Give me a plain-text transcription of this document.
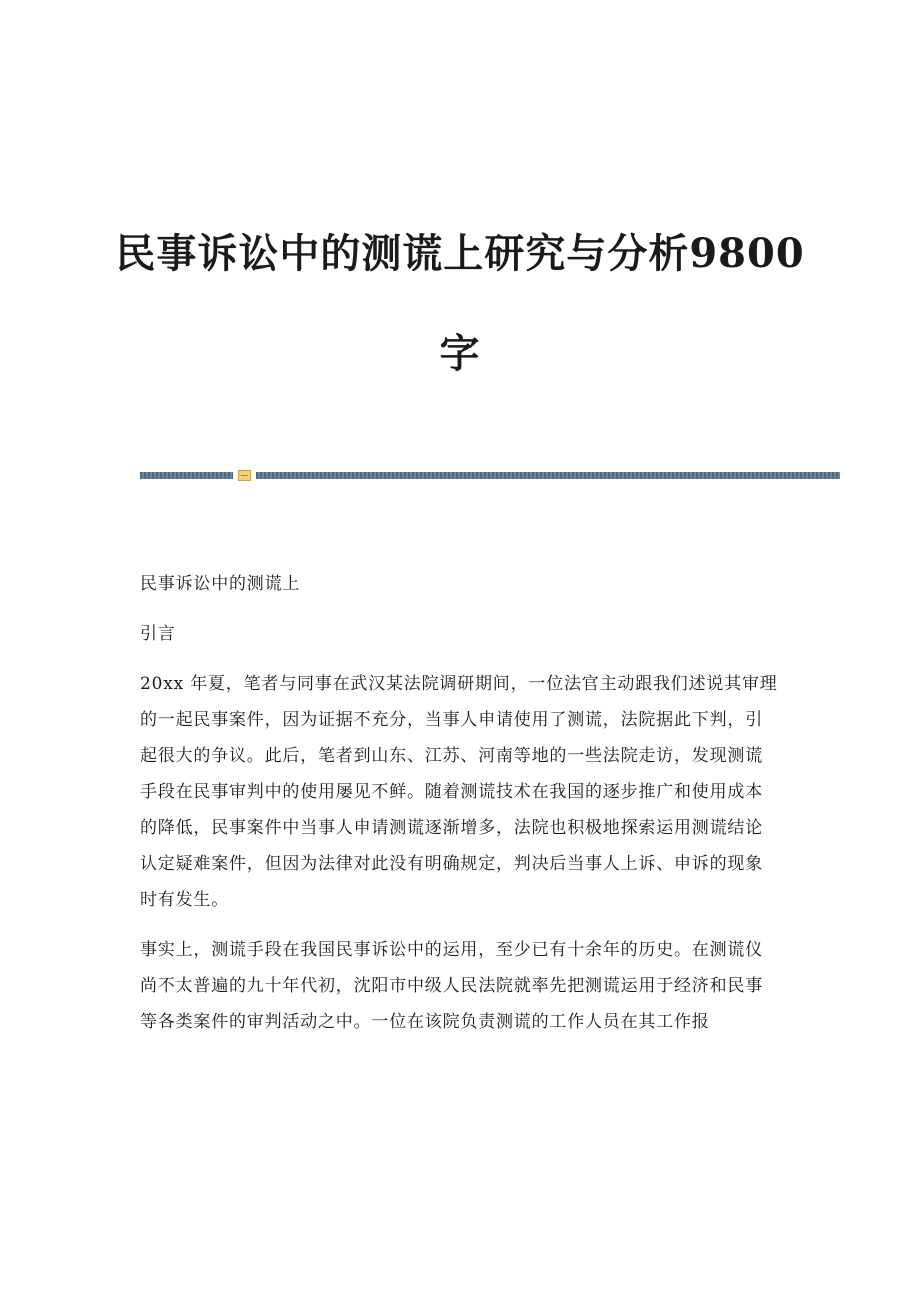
民事诉讼中的测谎上研究与分析9800
字

民事诉讼中的测谎上

引言

20xx 年夏，笔者与同事在武汉某法院调研期间，一位法官主动跟我们述说其审理的一起民事案件，因为证据不充分，当事人申请使用了测谎，法院据此下判，引起很大的争议。此后，笔者到山东、江苏、河南等地的一些法院走访，发现测谎手段在民事审判中的使用屡见不鲜。随着测谎技术在我国的逐步推广和使用成本的降低，民事案件中当事人申请测谎逐渐增多，法院也积极地探索运用测谎结论认定疑难案件，但因为法律对此没有明确规定，判决后当事人上诉、申诉的现象时有发生。

事实上，测谎手段在我国民事诉讼中的运用，至少已有十余年的历史。在测谎仪尚不太普遍的九十年代初，沈阳市中级人民法院就率先把测谎运用于经济和民事等各类案件的审判活动之中。一位在该院负责测谎的工作人员在其工作报
